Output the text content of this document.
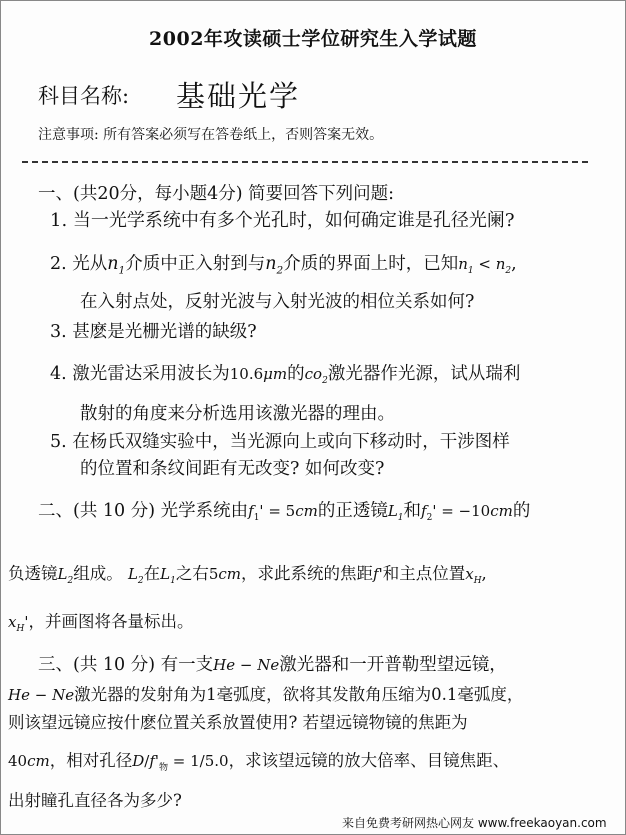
2002年攻读硕士学位研究生入学试题
科目名称: 基础光学
注意事项: 所有答案必须写在答卷纸上，否则答案无效。
一、(共20分，每小题4分) 简要回答下列问题:
1. 当一光学系统中有多个光孔时，如何确定谁是孔径光阑?
2. 光从$n_1$介质中正入射到与$n_2$介质的界面上时，已知$n_1 < n_2$,
在入射点处，反射光波与入射光波的相位关系如何?
3. 甚麽是光栅光谱的缺级?
4. 激光雷达采用波长为10.6μm的$co_2$激光器作光源，试从瑞利
散射的角度来分析选用该激光器的理由。
5. 在杨氏双缝实验中，当光源向上或向下移动时，干涉图样
的位置和条纹间距有无改变? 如何改变?
二、(共 10 分) 光学系统由$f_1' = 5cm$的正透镜$L_1$和$f_2' = -10cm$的
负透镜$L_2$组成。 $L_2$在$L_1$之右5cm，求此系统的焦距f'和主点位置$x_H$,
$x_H'$，并画图将各量标出。
三、(共 10 分) 有一支He − Ne激光器和一开普勒型望远镜，
He − Ne激光器的发射角为1毫弧度，欲将其发散角压缩为0.1毫弧度，
则该望远镜应按什麽位置关系放置使用? 若望远镜物镜的焦距为
40cm，相对孔径$D/f'_物 = 1/5.0$，求该望远镜的放大倍率、目镜焦距、
出射瞳孔直径各为多少?
来自免费考研网热心网友 www.freekaoyan.com
